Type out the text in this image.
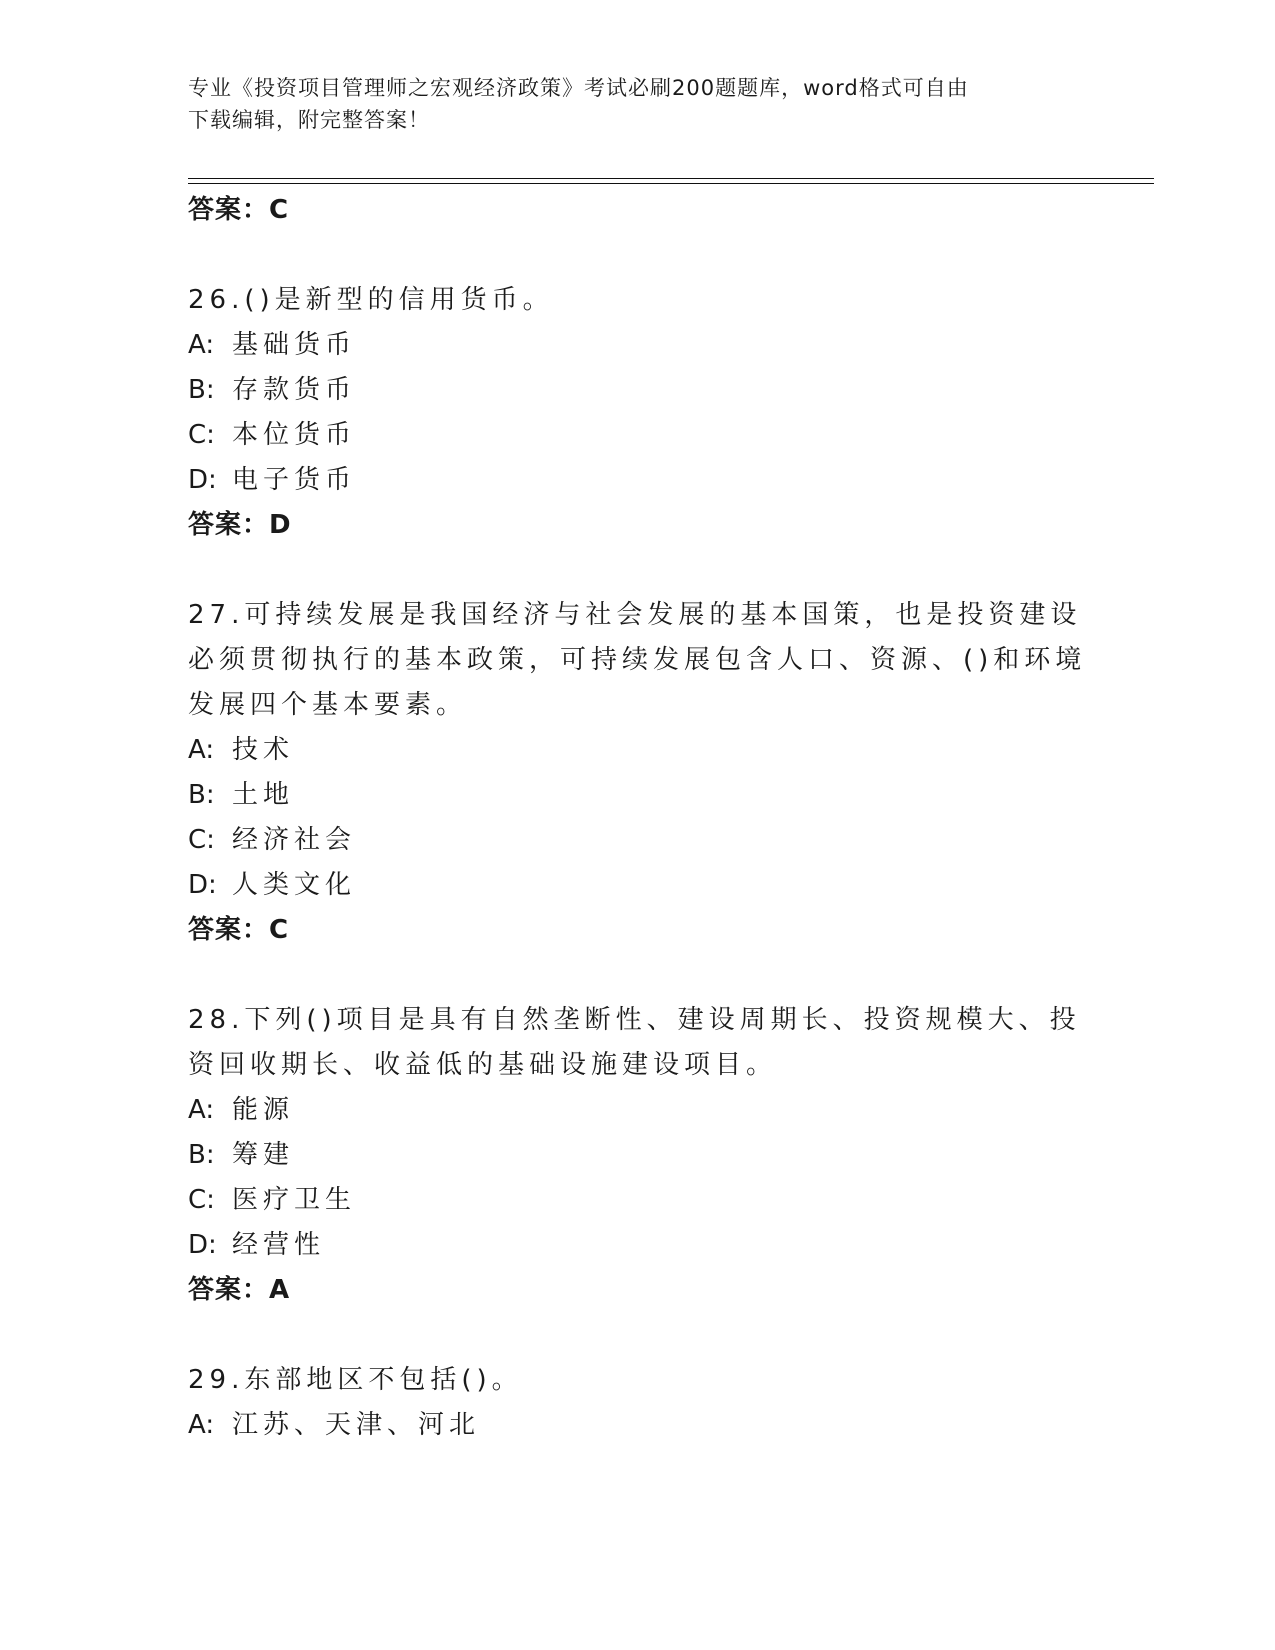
专业《投资项目管理师之宏观经济政策》考试必刷200题题库，word格式可自由
下载编辑，附完整答案！
答案：C

26.()是新型的信用货币。

A: 基础货币
B: 存款货币
C: 本位货币
D: 电子货币
答案：D

27.可持续发展是我国经济与社会发展的基本国策，也是投资建设必须贯彻执行的基本政策，可持续发展包含人口、资源、()和环境发展四个基本要素。

A: 技术
B: 土地
C: 经济社会
D: 人类文化
答案：C

28.下列()项目是具有自然垄断性、建设周期长、投资规模大、投资回收期长、收益低的基础设施建设项目。

A: 能源
B: 筹建
C: 医疗卫生
D: 经营性
答案：A

29.东部地区不包括()。

A: 江苏、天津、河北
